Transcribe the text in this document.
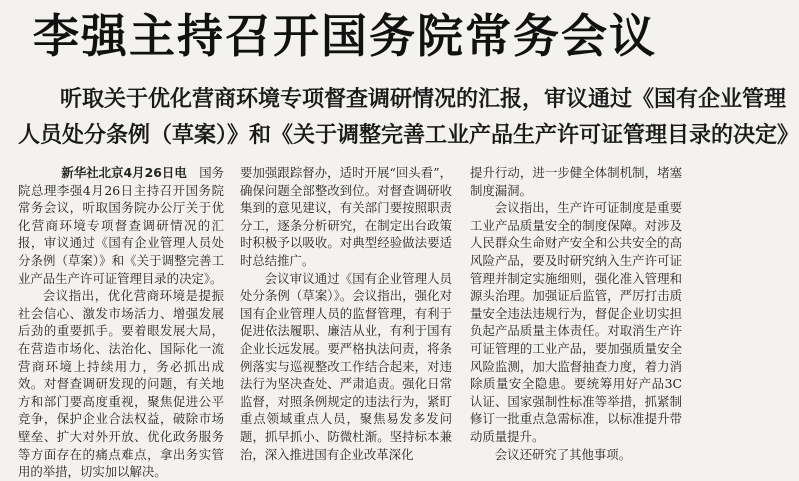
李强主持召开国务院常务会议

听取关于优化营商环境专项督查调研情况的汇报，审议通过《国有企业管理

人员处分条例（草案）》和《关于调整完善工业产品生产许可证管理目录的决定》

新华社北京4月26日电　 国务院总理李强4月26日主持召开国务院常务会议，听取国务院办公厅关于优化营商环境专项督查调研情况的汇报，审议通过《国有企业管理人员处分条例（草案）》和《关于调整完善工业产品生产许可证管理目录的决定》。

会议指出，优化营商环境是提振社会信心、激发市场活力、增强发展后劲的重要抓手。要着眼发展大局，在营造市场化、法治化、国际化一流营商环境上持续用力，务必抓出成效。对督查调研发现的问题，有关地方和部门要高度重视，聚焦促进公平竞争，保护企业合法权益，破除市场壁垒、扩大对外开放、优化政务服务等方面存在的痛点难点，拿出务实管用的举措，切实加以解决。

要加强跟踪督办，适时开展“回头看”，确保问题全部整改到位。对督查调研收集到的意见建议，有关部门要按照职责分工，逐条分析研究，在制定出台政策时积极予以吸收。对典型经验做法要适时总结推广。

会议审议通过《国有企业管理人员处分条例（草案）》。会议指出，强化对国有企业管理人员的监督管理，有利于促进依法履职、廉洁从业，有利于国有企业长远发展。要严格执法问责，将条例落实与巡视整改工作结合起来，对违法行为坚决查处、严肃追责。强化日常监督，对照条例规定的违法行为，紧盯重点领域重点人员，聚焦易发多发问题，抓早抓小、防微杜渐。坚持标本兼治，深入推进国有企业改革深化

提升行动，进一步健全体制机制，堵塞制度漏洞。

会议指出，生产许可证制度是重要工业产品质量安全的制度保障。对涉及人民群众生命财产安全和公共安全的高风险产品，要及时研究纳入生产许可证管理并制定实施细则，强化准入管理和源头治理。加强证后监管，严厉打击质量安全违法违规行为，督促企业切实担负起产品质量主体责任。对取消生产许可证管理的工业产品，要加强质量安全风险监测，加大监督抽查力度，着力消除质量安全隐患。要统筹用好产品3C认证、国家强制性标准等举措，抓紧制修订一批重点急需标准，以标准提升带动质量提升。

会议还研究了其他事项。
